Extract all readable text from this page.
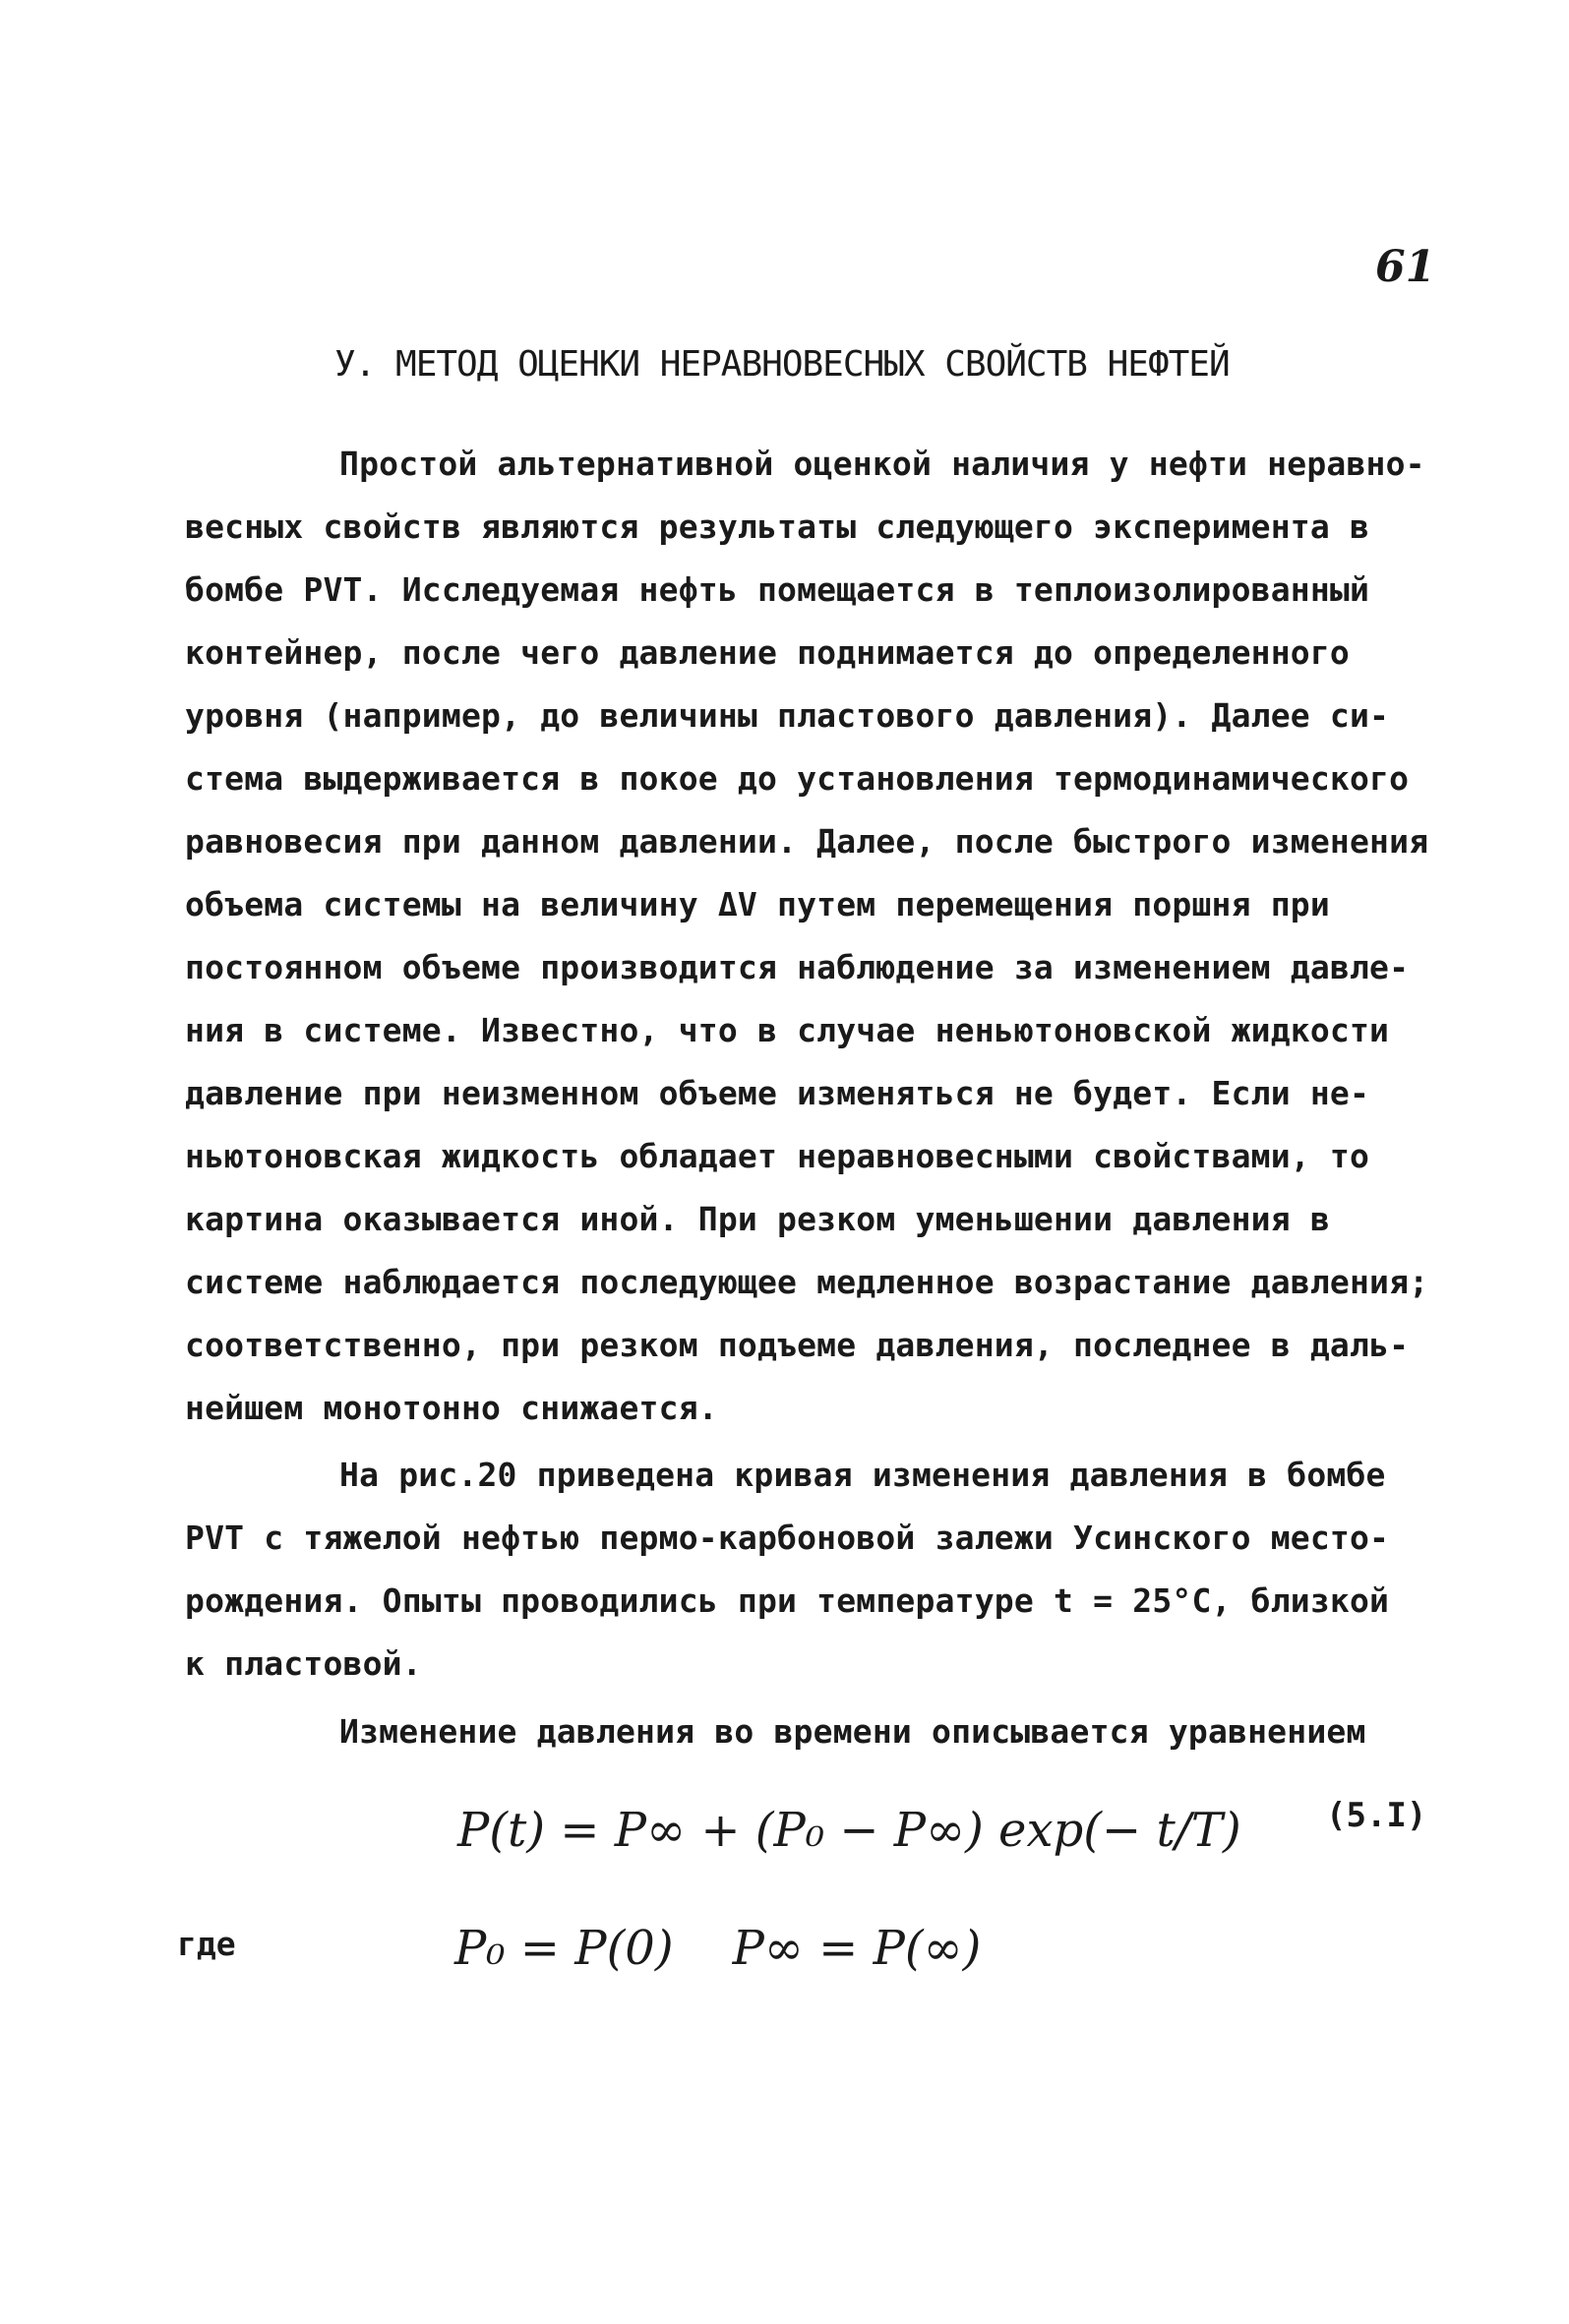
61
У. МЕТОД ОЦЕНКИ НЕРАВНОВЕСНЫХ СВОЙСТВ НЕФТЕЙ
Простой альтернативной оценкой наличия у нефти неравно-
весных свойств являются результаты следующего эксперимента в
бомбе PVT. Исследуемая нефть помещается в теплоизолированный
контейнер, после чего давление поднимается до определенного
уровня (например, до величины пластового давления). Далее си-
стема выдерживается в покое до установления термодинамического
равновесия при данном давлении. Далее, после быстрого изменения
объема системы на величину ΔV путем перемещения поршня при
постоянном объеме производится наблюдение за изменением давле-
ния в системе. Известно, что в случае неньютоновской жидкости
давление при неизменном объеме изменяться не будет. Если не-
ньютоновская жидкость обладает неравновесными свойствами, то
картина оказывается иной. При резком уменьшении давления в
системе наблюдается последующее медленное возрастание давления;
соответственно, при резком подъеме давления, последнее в даль-
нейшем монотонно снижается.
На рис.20 приведена кривая изменения давления в бомбе
PVT с тяжелой нефтью пермо-карбоновой залежи Усинского место-
рождения. Опыты проводились при температуре t = 25°С, близкой
к пластовой.
Изменение давления во времени описывается уравнением
P(t) = P∞ + (P₀ − P∞) exp(− t/T)	(5.I)
где	P₀ = P(0) P∞ = P(∞)
